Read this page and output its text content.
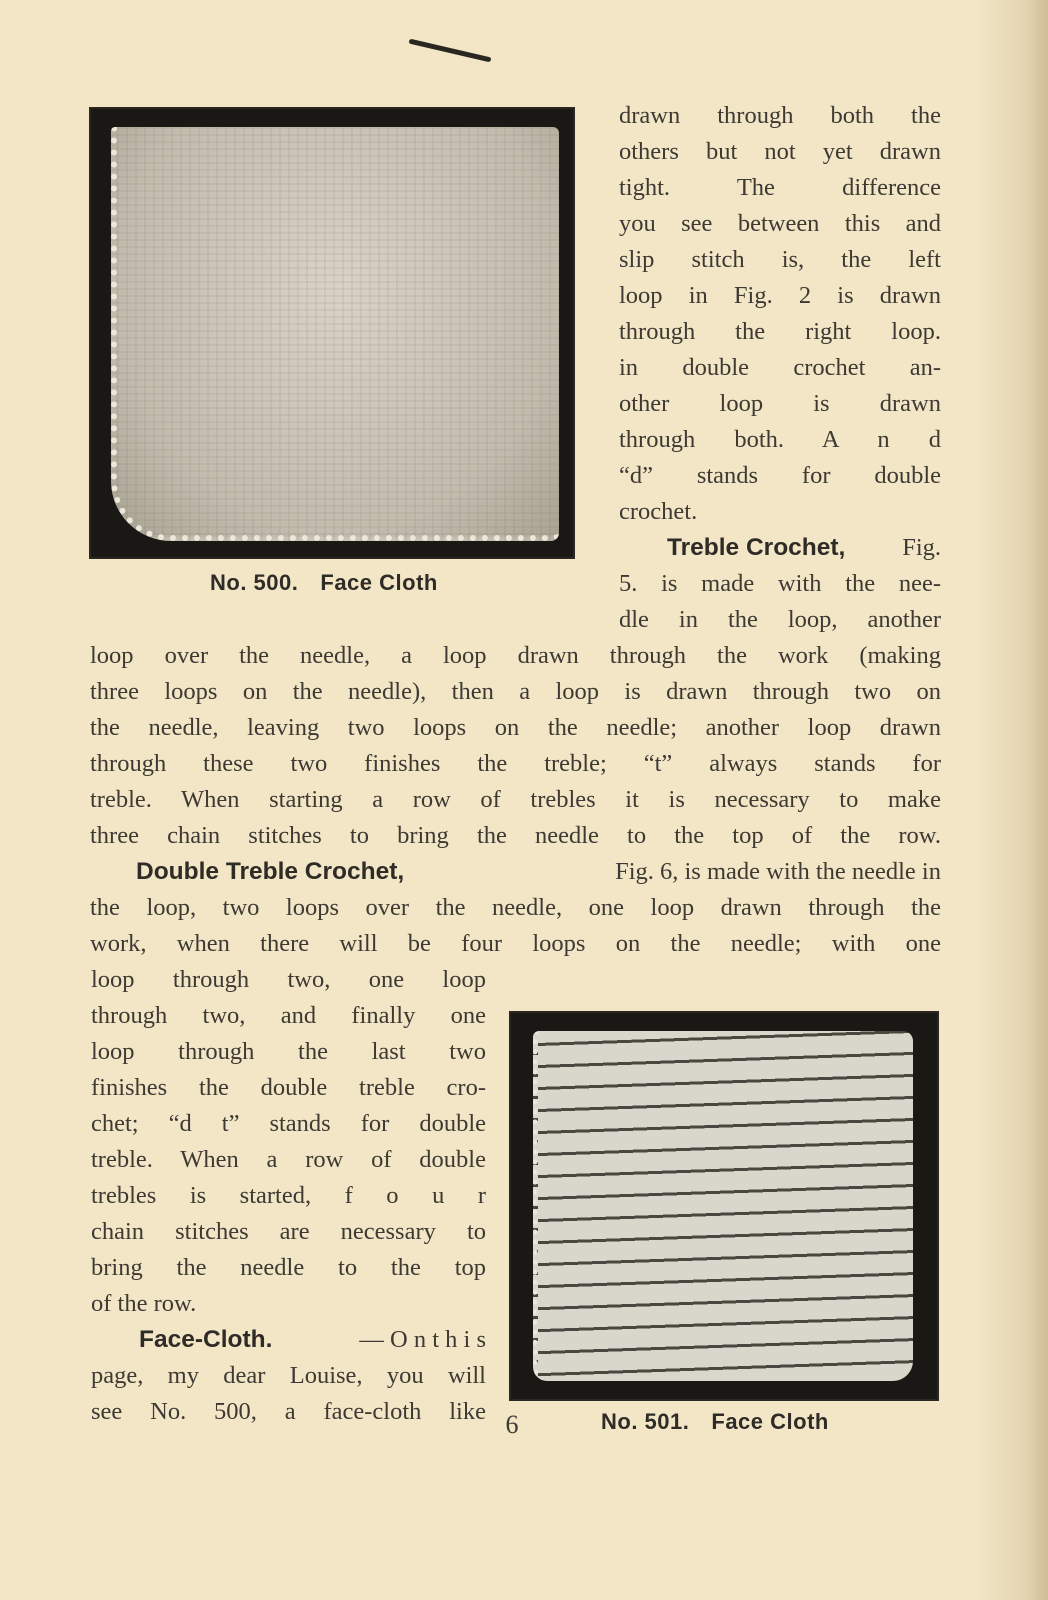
No. 500. Face Cloth
drawn through both the
others but not yet drawn
tight. The difference
you see between this and
slip stitch is, the left
loop in Fig. 2 is drawn
through the right loop.
in double crochet an-
other loop is drawn
through both. A n d
“d” stands for double
crochet.
Treble Crochet, Fig.
5. is made with the nee-
dle in the loop, another
loop over the needle, a loop drawn through the work (making
three loops on the needle), then a loop is drawn through two on
the needle, leaving two loops on the needle; another loop drawn
through these two finishes the treble; “t” always stands for
treble. When starting a row of trebles it is necessary to make
three chain stitches to bring the needle to the top of the row.
Double Treble Crochet,	Fig. 6, is made with the needle in
the loop, two loops over the needle, one loop drawn through the
work, when there will be four loops on the needle; with one
loop through two, one loop
through two, and finally one
loop through the last two
finishes the double treble cro-
chet; “d t” stands for double
treble. When a row of double
trebles is started, f o u r
chain stitches are necessary to
bring the needle to the top
of the row.
Face-Cloth.	— O n t h i s
page, my dear Louise, you will
see No. 500, a face-cloth like	No. 501. Face Cloth
6
